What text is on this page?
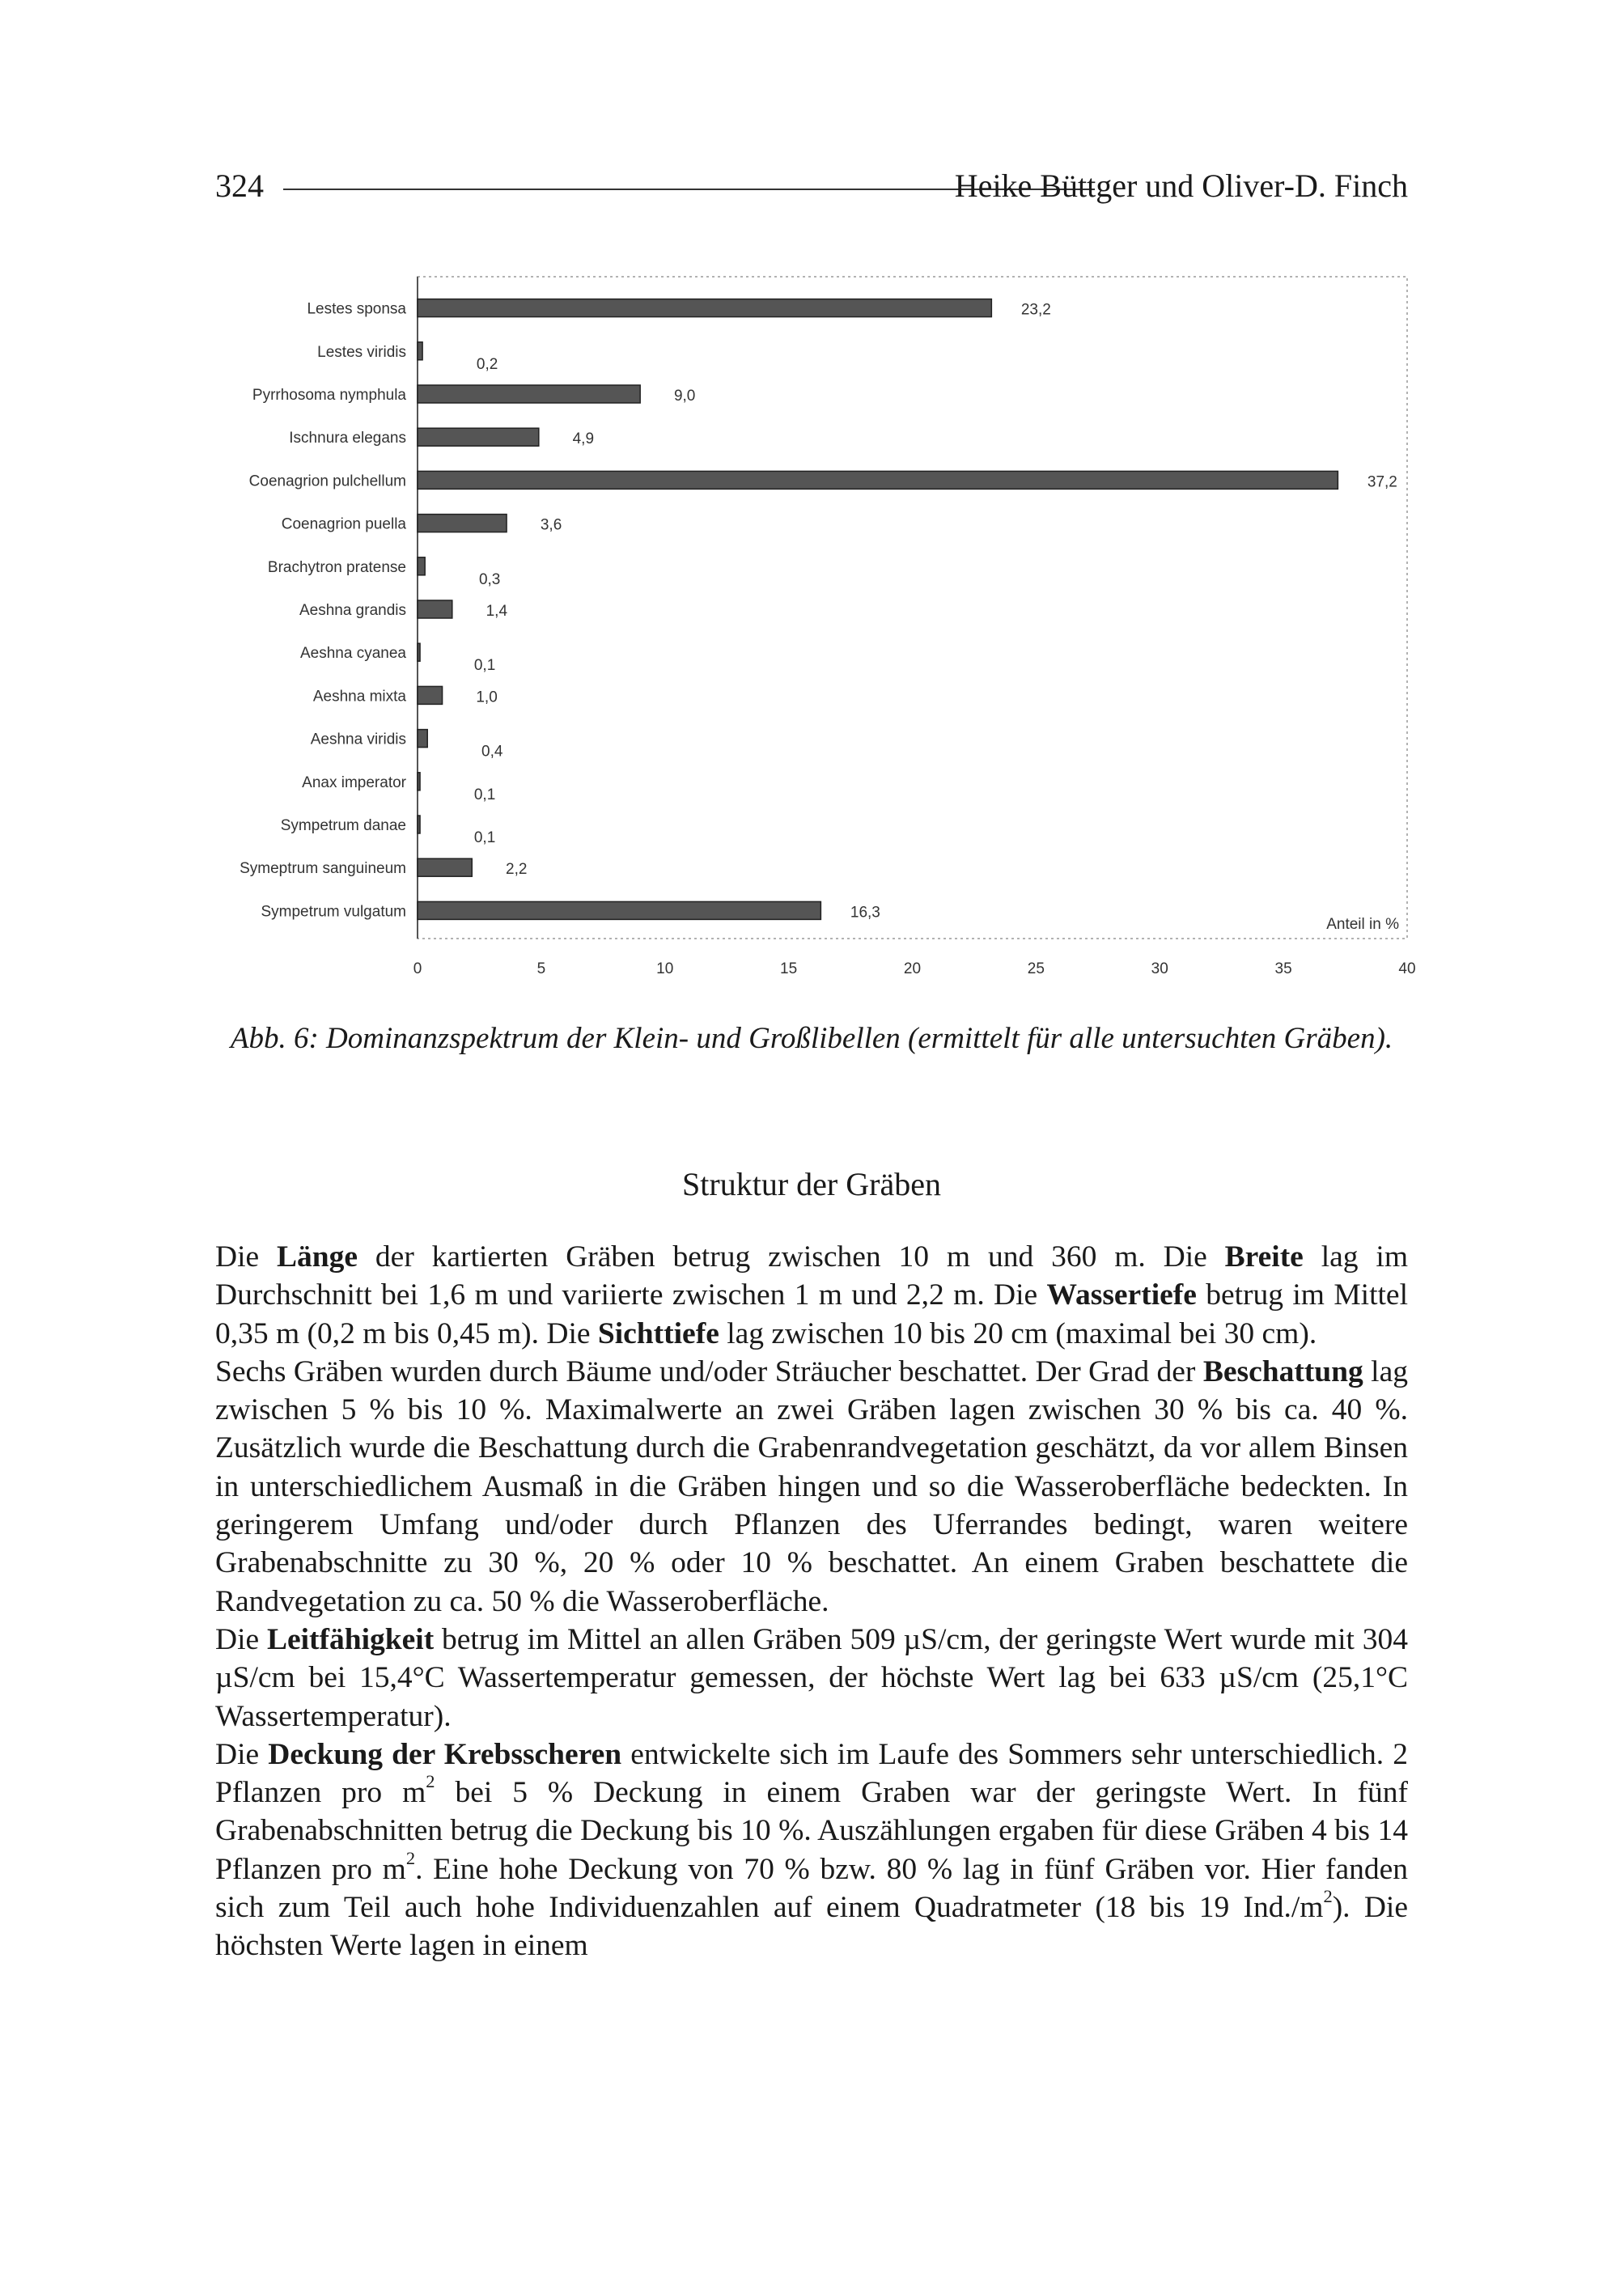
324	Heike Büttger und Oliver-D. Finch
Lestes sponsa	23,2
Lestes viridis
0,2
Pyrrhosoma nymphula	9,0
Ischnura elegans	4,9
Coenagrion pulchellum	37,2
Coenagrion puella	3,6
Brachytron pratense
0,3
Aeshna grandis	1,4
Aeshna cyanea
0,1
Aeshna mixta	1,0
Aeshna viridis
0,4
Anax imperator
0,1
Sympetrum danae
0,1
Symeptrum sanguineum	2,2
Sympetrum vulgatum	16,3
0	5	10	15	20	25	30	35	40
Anteil in %
Abb. 6: Dominanzspektrum der Klein- und Großlibellen (ermittelt für alle untersuchten Gräben).
Struktur der Gräben

Die Länge der kartierten Gräben betrug zwischen 10 m und 360 m. Die Breite lag im Durchschnitt bei 1,6 m und variierte zwischen 1 m und 2,2 m. Die Wassertiefe betrug im Mittel 0,35 m (0,2 m bis 0,45 m). Die Sichttiefe lag zwischen 10 bis 20 cm (maximal bei 30 cm).

Sechs Gräben wurden durch Bäume und/oder Sträucher beschattet. Der Grad der Beschattung lag zwischen 5 % bis 10 %. Maximalwerte an zwei Gräben lagen zwischen 30 % bis ca. 40 %. Zusätzlich wurde die Beschattung durch die Grabenrandvegetation geschätzt, da vor allem Binsen in unterschiedlichem Ausmaß in die Gräben hingen und so die Wasseroberfläche bedeckten. In geringerem Umfang und/oder durch Pflanzen des Uferrandes bedingt, waren weitere Grabenabschnitte zu 30 %, 20 % oder 10 % beschattet. An einem Graben beschattete die Randvegetation zu ca. 50 % die Wasseroberfläche.

Die Leitfähigkeit betrug im Mittel an allen Gräben 509 µS/cm, der geringste Wert wurde mit 304 µS/cm bei 15,4°C Wassertemperatur gemessen, der höchste Wert lag bei 633 µS/cm (25,1°C Wassertemperatur).

Die Deckung der Krebsscheren entwickelte sich im Laufe des Sommers sehr unterschiedlich. 2 Pflanzen pro $m^2$ bei 5 % Deckung in einem Graben war der geringste Wert. In fünf Grabenabschnitten betrug die Deckung bis 10 %. Auszählungen ergaben für diese Gräben 4 bis 14 Pflanzen pro $m^2$. Eine hohe Deckung von 70 % bzw. 80 % lag in fünf Gräben vor. Hier fanden sich zum Teil auch hohe Individuenzahlen auf einem Quadratmeter (18 bis 19 $Ind./m^2$). Die höchsten Werte lagen in einem
